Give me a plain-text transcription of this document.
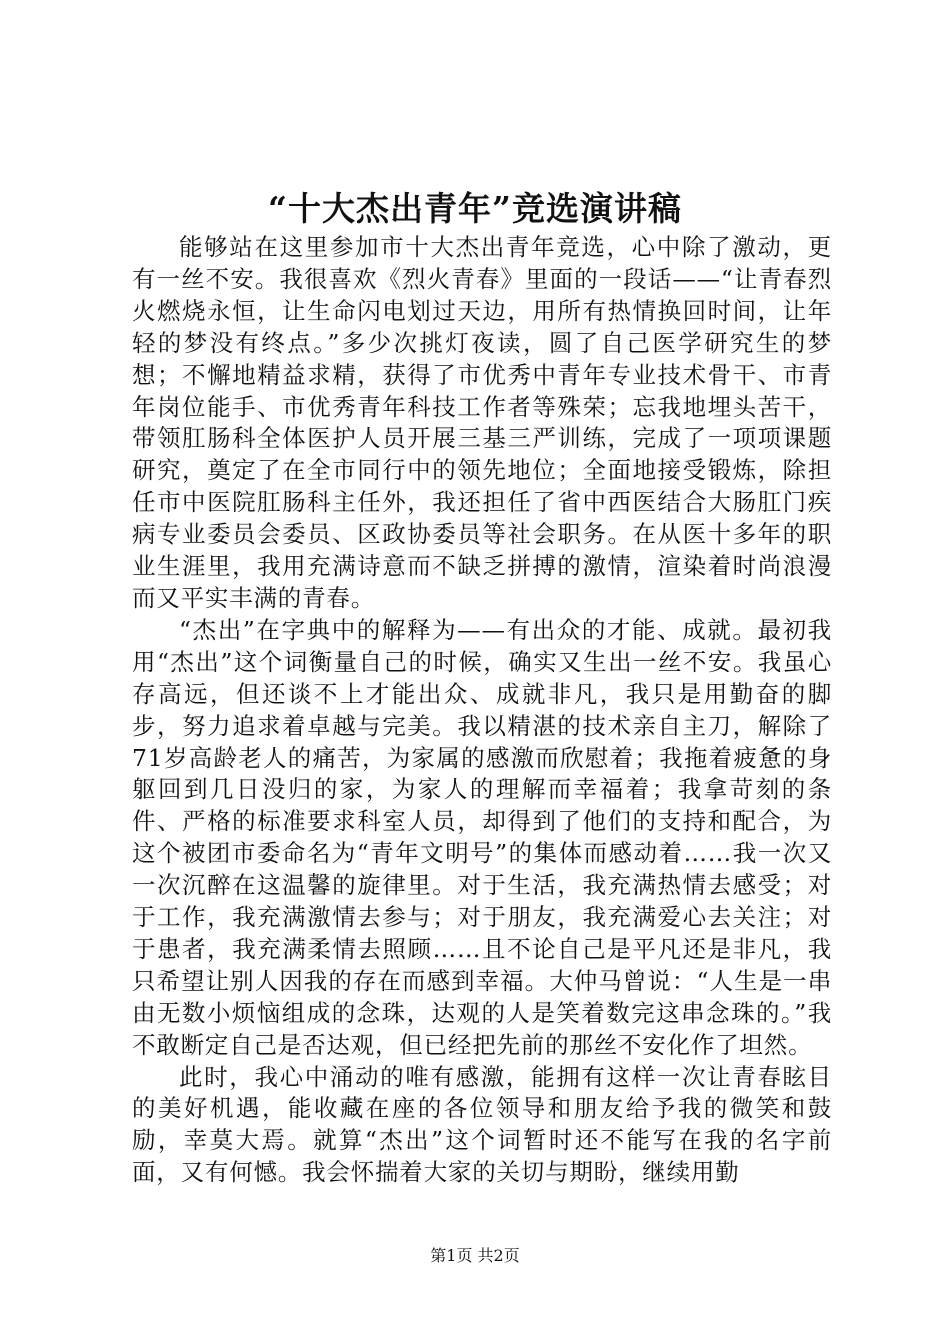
“十大杰出青年”竞选演讲稿

能够站在这里参加市十大杰出青年竞选，心中除了激动，更有一丝不安。我很喜欢《烈火青春》里面的一段话——“让青春烈火燃烧永恒，让生命闪电划过天边，用所有热情换回时间，让年轻的梦没有终点。”多少次挑灯夜读，圆了自己医学研究生的梦想；不懈地精益求精，获得了市优秀中青年专业技术骨干、市青年岗位能手、市优秀青年科技工作者等殊荣；忘我地埋头苦干，带领肛肠科全体医护人员开展三基三严训练，完成了一项项课题研究，奠定了在全市同行中的领先地位；全面地接受锻炼，除担任市中医院肛肠科主任外，我还担任了省中西医结合大肠肛门疾病专业委员会委员、区政协委员等社会职务。在从医十多年的职业生涯里，我用充满诗意而不缺乏拼搏的激情，渲染着时尚浪漫而又平实丰满的青春。

“杰出”在字典中的解释为——有出众的才能、成就。最初我用“杰出”这个词衡量自己的时候，确实又生出一丝不安。我虽心存高远，但还谈不上才能出众、成就非凡，我只是用勤奋的脚步，努力追求着卓越与完美。我以精湛的技术亲自主刀，解除了71岁高龄老人的痛苦，为家属的感激而欣慰着；我拖着疲惫的身躯回到几日没归的家，为家人的理解而幸福着；我拿苛刻的条件、严格的标准要求科室人员，却得到了他们的支持和配合，为这个被团市委命名为“青年文明号”的集体而感动着……我一次又一次沉醉在这温馨的旋律里。对于生活，我充满热情去感受；对于工作，我充满激情去参与；对于朋友，我充满爱心去关注；对于患者，我充满柔情去照顾……且不论自己是平凡还是非凡，我只希望让别人因我的存在而感到幸福。大仲马曾说：“人生是一串由无数小烦恼组成的念珠，达观的人是笑着数完这串念珠的。”我不敢断定自己是否达观，但已经把先前的那丝不安化作了坦然。

此时，我心中涌动的唯有感激，能拥有这样一次让青春眩目的美好机遇，能收藏在座的各位领导和朋友给予我的微笑和鼓励，幸莫大焉。就算“杰出”这个词暂时还不能写在我的名字前面，又有何憾。我会怀揣着大家的关切与期盼，继续用勤

第1页 共2页
